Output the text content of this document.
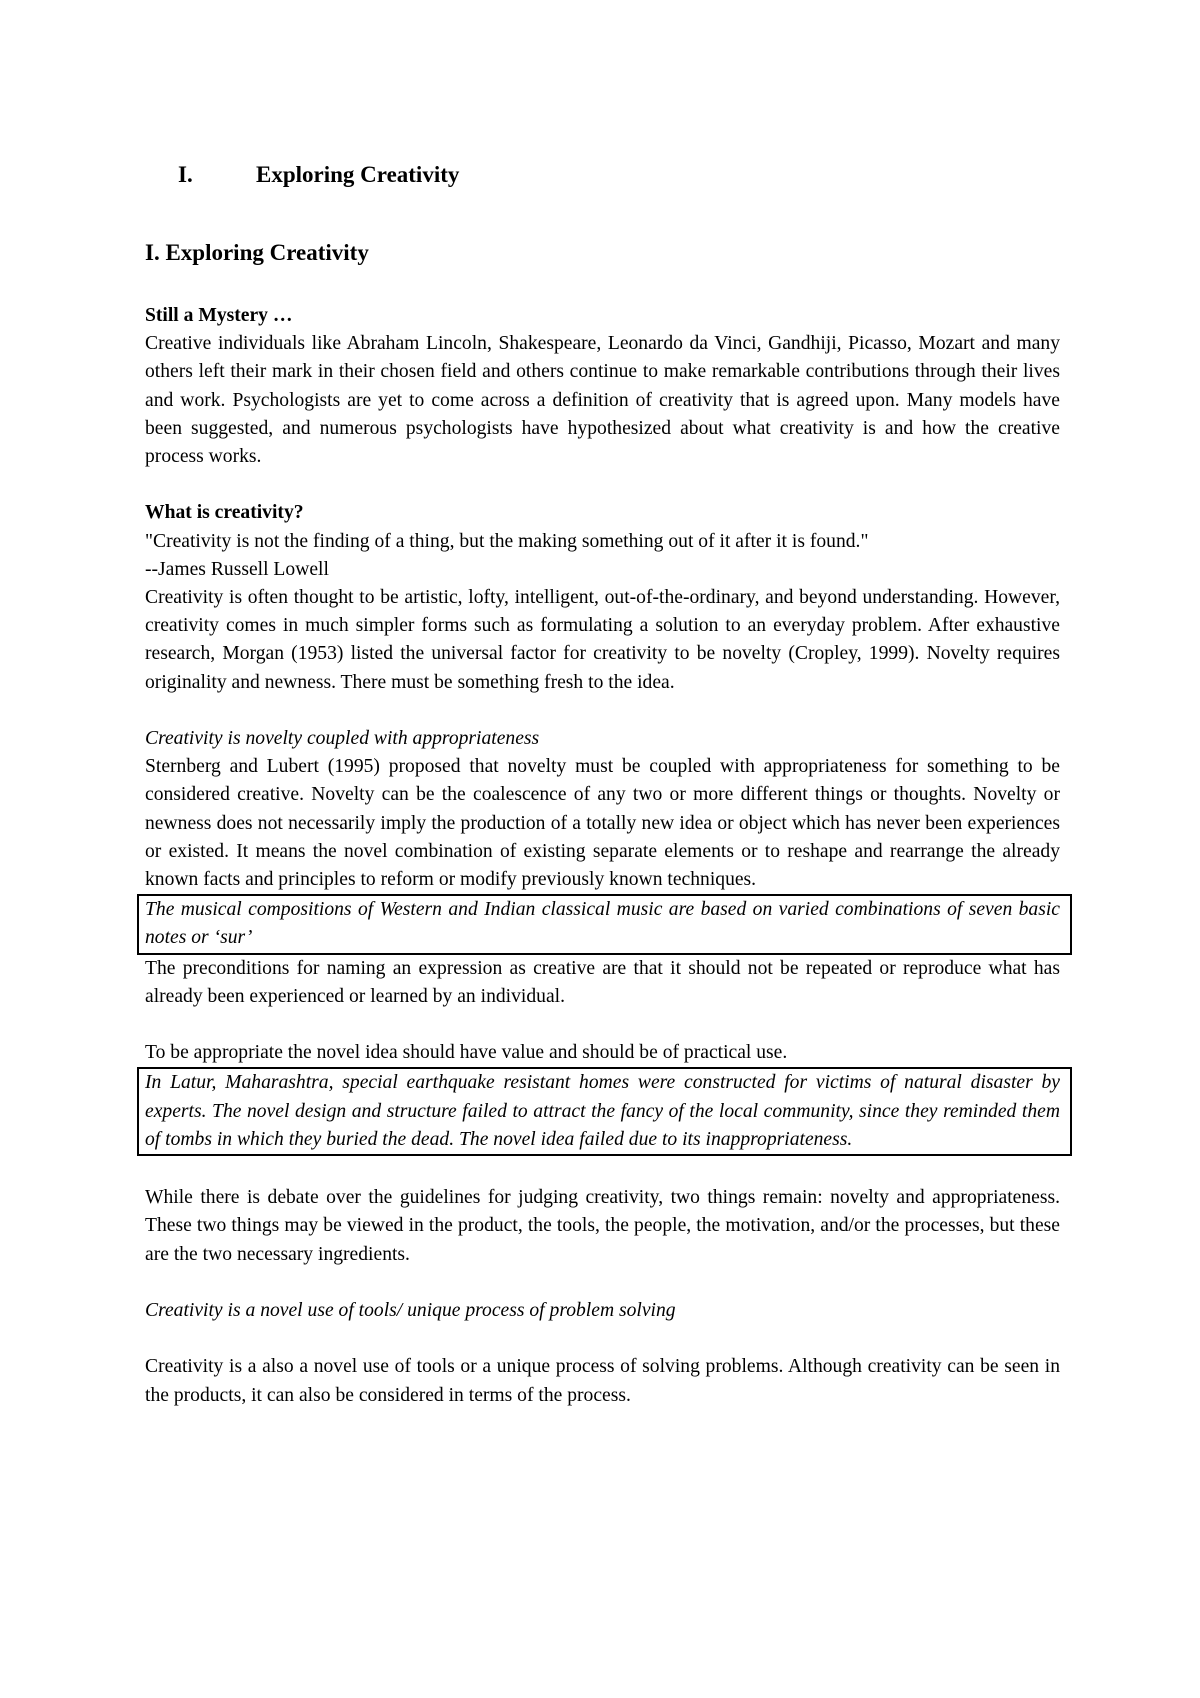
I.	Exploring Creativity
I. Exploring Creativity

Still a Mystery …

Creative individuals like Abraham Lincoln, Shakespeare, Leonardo da Vinci, Gandhiji, Picasso, Mozart and many others left their mark in their chosen field and others continue to make remarkable contributions through their lives and work. Psychologists are yet to come across a definition of creativity that is agreed upon. Many models have been suggested, and numerous psychologists have hypothesized about what creativity is and how the creative process works.

What is creativity?

"Creativity is not the finding of a thing, but the making something out of it after it is found."

--James Russell Lowell

Creativity is often thought to be artistic, lofty, intelligent, out-of-the-ordinary, and beyond understanding. However, creativity comes in much simpler forms such as formulating a solution to an everyday problem. After exhaustive research, Morgan (1953) listed the universal factor for creativity to be novelty (Cropley, 1999). Novelty requires originality and newness. There must be something fresh to the idea.

Creativity is novelty coupled with appropriateness

Sternberg and Lubert (1995) proposed that novelty must be coupled with appropriateness for something to be considered creative. Novelty can be the coalescence of any two or more different things or thoughts. Novelty or newness does not necessarily imply the production of a totally new idea or object which has never been experiences or existed. It means the novel combination of existing separate elements or to reshape and rearrange the already known facts and principles to reform or modify previously known techniques.

The musical compositions of Western and Indian classical music are based on varied combinations of seven basic notes or ‘sur’

The preconditions for naming an expression as creative are that it should not be repeated or reproduce what has already been experienced or learned by an individual.

To be appropriate the novel idea should have value and should be of practical use.

In Latur, Maharashtra, special earthquake resistant homes were constructed for victims of natural disaster by experts. The novel design and structure failed to attract the fancy of the local community, since they reminded them of tombs in which they buried the dead. The novel idea failed due to its inappropriateness.

While there is debate over the guidelines for judging creativity, two things remain: novelty and appropriateness. These two things may be viewed in the product, the tools, the people, the motivation, and/or the processes, but these are the two necessary ingredients.

Creativity is a novel use of tools/ unique process of problem solving

Creativity is a also a novel use of tools or a unique process of solving problems. Although creativity can be seen in the products, it can also be considered in terms of the process.
